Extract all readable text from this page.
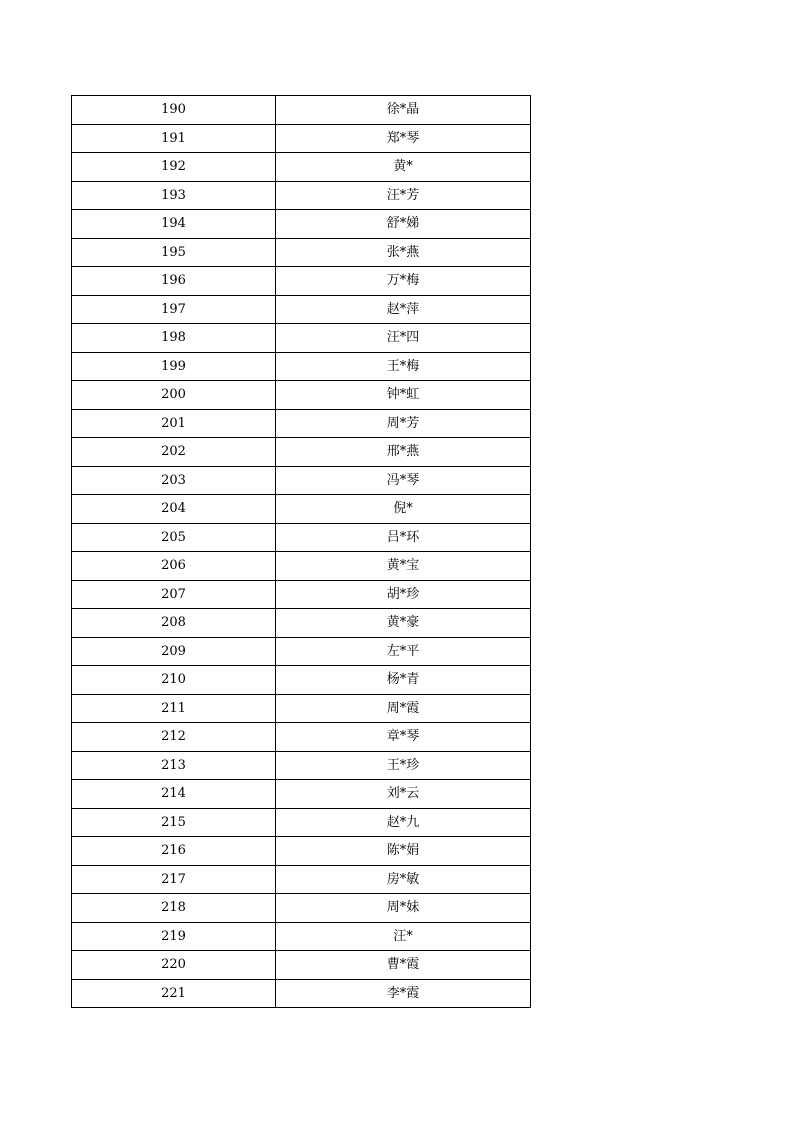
190	徐*晶
191	郑*琴
192	黄*
193	汪*芳
194	舒*娣
195	张*燕
196	万*梅
197	赵*萍
198	汪*四
199	王*梅
200	钟*虹
201	周*芳
202	邢*燕
203	冯*琴
204	倪*
205	吕*环
206	黄*宝
207	胡*珍
208	黄*豪
209	左*平
210	杨*青
211	周*霞
212	章*琴
213	王*珍
214	刘*云
215	赵*九
216	陈*娟
217	房*敏
218	周*妹
219	汪*
220	曹*霞
221	李*霞
